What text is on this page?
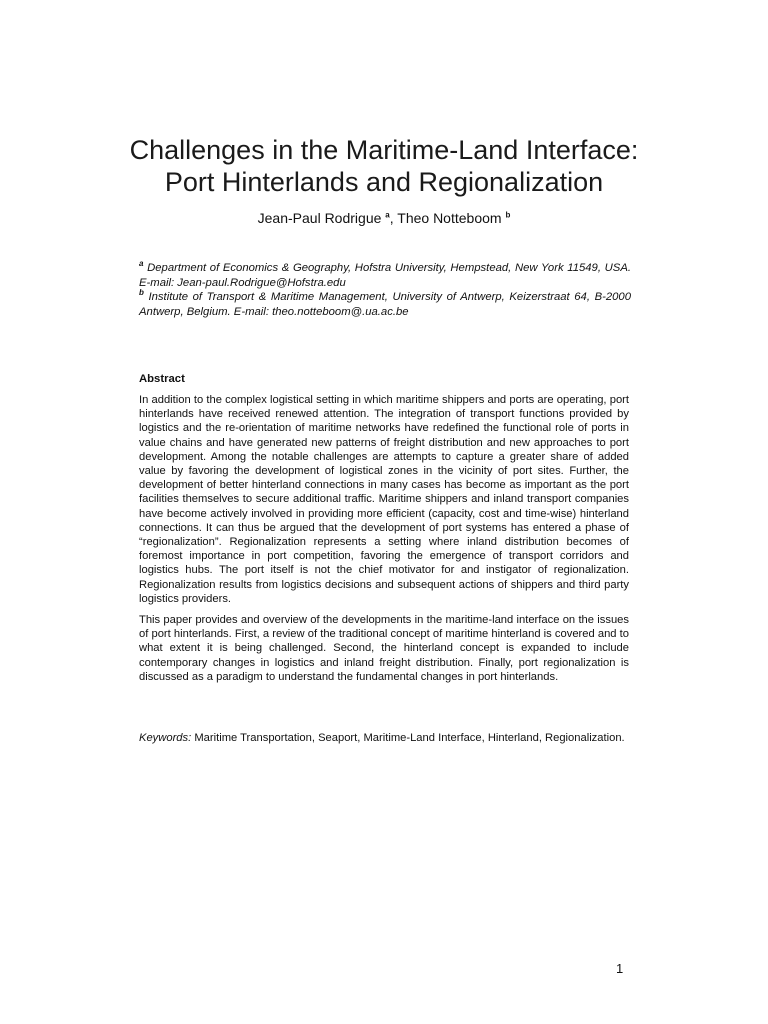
Challenges in the Maritime-Land Interface:
Port Hinterlands and Regionalization
Jean-Paul Rodrigue $^a$, Theo Notteboom $^b$

$^a$ Department of Economics & Geography, Hofstra University, Hempstead, New York 11549, USA. E-mail: Jean-paul.Rodrigue@Hofstra.edu

$^b$ Institute of Transport & Maritime Management, University of Antwerp, Keizerstraat 64, B-2000 Antwerp, Belgium. E-mail: theo.notteboom@.ua.ac.be

Abstract

In addition to the complex logistical setting in which maritime shippers and ports are operating, port hinterlands have received renewed attention. The integration of transport functions provided by logistics and the re-orientation of maritime networks have redefined the functional role of ports in value chains and have generated new patterns of freight distribution and new approaches to port development. Among the notable challenges are attempts to capture a greater share of added value by favoring the development of logistical zones in the vicinity of port sites. Further, the development of better hinterland connections in many cases has become as important as the port facilities themselves to secure additional traffic. Maritime shippers and inland transport companies have become actively involved in providing more efficient (capacity, cost and time-wise) hinterland connections. It can thus be argued that the development of port systems has entered a phase of “regionalization”. Regionalization represents a setting where inland distribution becomes of foremost importance in port competition, favoring the emergence of transport corridors and logistics hubs. The port itself is not the chief motivator for and instigator of regionalization. Regionalization results from logistics decisions and subsequent actions of shippers and third party logistics providers.

This paper provides and overview of the developments in the maritime-land interface on the issues of port hinterlands. First, a review of the traditional concept of maritime hinterland is covered and to what extent it is being challenged. Second, the hinterland concept is expanded to include contemporary changes in logistics and inland freight distribution. Finally, port regionalization is discussed as a paradigm to understand the fundamental changes in port hinterlands.

Keywords: Maritime Transportation, Seaport, Maritime-Land Interface, Hinterland, Regionalization.

1
